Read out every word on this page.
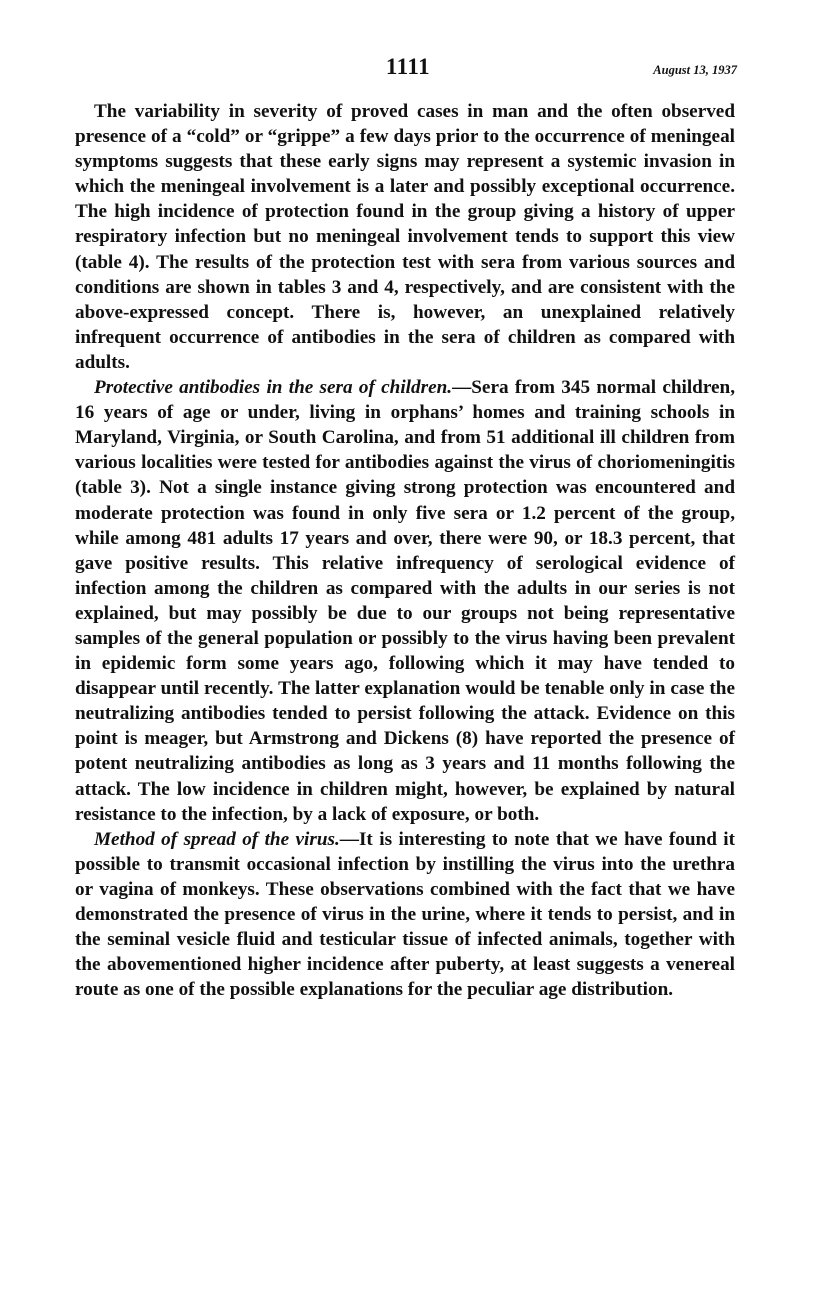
1111	August 13, 1937

The variability in severity of proved cases in man and the often observed presence of a “cold” or “grippe” a few days prior to the occurrence of meningeal symptoms suggests that these early signs may represent a systemic invasion in which the meningeal involvement is a later and possibly exceptional occurrence. The high incidence of protection found in the group giving a history of upper respiratory infection but no meningeal involvement tends to support this view (table 4). The results of the protection test with sera from various sources and conditions are shown in tables 3 and 4, respectively, and are consistent with the above-expressed concept. There is, however, an unexplained relatively infrequent occurrence of antibodies in the sera of children as compared with adults.

Protective antibodies in the sera of children.—Sera from 345 normal children, 16 years of age or under, living in orphans’ homes and training schools in Maryland, Virginia, or South Carolina, and from 51 additional ill children from various localities were tested for antibodies against the virus of choriomeningitis (table 3). Not a single instance giving strong protection was encountered and moderate protection was found in only five sera or 1.2 percent of the group, while among 481 adults 17 years and over, there were 90, or 18.3 percent, that gave positive results. This relative infrequency of serological evidence of infection among the children as compared with the adults in our series is not explained, but may possibly be due to our groups not being representative samples of the general population or possibly to the virus having been prevalent in epidemic form some years ago, following which it may have tended to disappear until recently. The latter explanation would be tenable only in case the neutralizing antibodies tended to persist following the attack. Evidence on this point is meager, but Armstrong and Dickens (8) have reported the presence of potent neutralizing antibodies as long as 3 years and 11 months following the attack. The low incidence in children might, however, be explained by natural resistance to the infection, by a lack of exposure, or both.

Method of spread of the virus.—It is interesting to note that we have found it possible to transmit occasional infection by instilling the virus into the urethra or vagina of monkeys. These observations combined with the fact that we have demonstrated the presence of virus in the urine, where it tends to persist, and in the seminal vesicle fluid and testicular tissue of infected animals, together with the abovementioned higher incidence after puberty, at least suggests a venereal route as one of the possible explanations for the peculiar age distribution.
